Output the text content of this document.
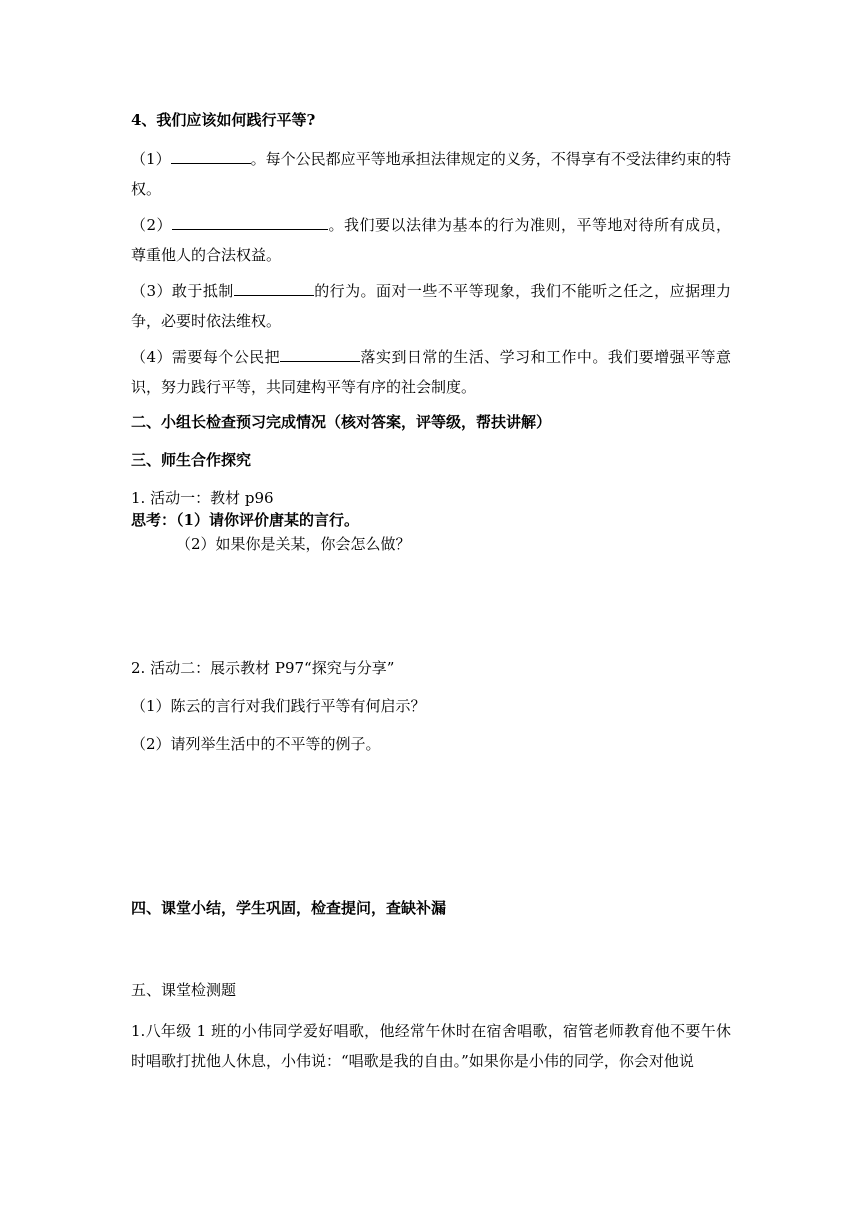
4、我们应该如何践行平等?
（1）	。每个公民都应平等地承担法律规定的义务，不得享有不受法律约束的特权。
（2）	。我们要以法律为基本的行为准则，平等地对待所有成员，尊重他人的合法权益。
（3）敢于抵制	的行为。面对一些不平等现象，我们不能听之任之，应据理力争，必要时依法维权。
（4）需要每个公民把	落实到日常的生活、学习和工作中。我们要增强平等意识，努力践行平等，共同建构平等有序的社会制度。
二、小组长检查预习完成情况（核对答案，评等级，帮扶讲解）
三、师生合作探究
1. 活动一：教材 p96
思考：（1）请你评价唐某的言行。
（2）如果你是关某，你会怎么做？
2. 活动二：展示教材 P97“探究与分享”
（1）陈云的言行对我们践行平等有何启示？
（2）请列举生活中的不平等的例子。
四、课堂小结，学生巩固，检查提问，查缺补漏
五、课堂检测题
1.八年级 1 班的小伟同学爱好唱歌，他经常午休时在宿舍唱歌，宿管老师教育他不要午休时唱歌打扰他人休息，小伟说：“唱歌是我的自由。”如果你是小伟的同学，你会对他说
